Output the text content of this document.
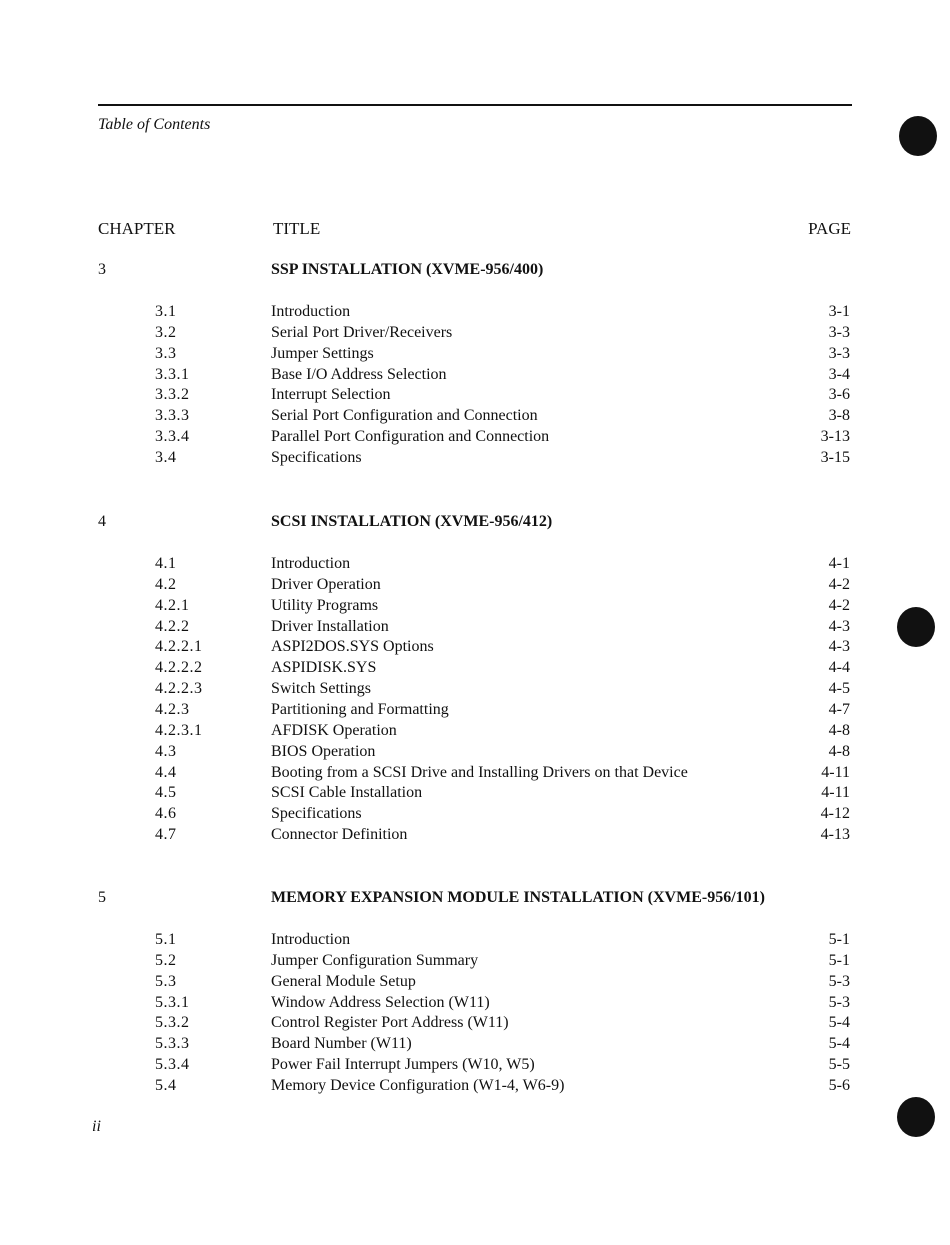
Table of Contents
CHAPTER	TITLE	PAGE
3	SSP INSTALLATION (XVME-956/400)
3.1	Introduction	3-1
3.2	Serial Port Driver/Receivers	3-3
3.3	Jumper Settings	3-3
3.3.1	Base I/O Address Selection	3-4
3.3.2	Interrupt Selection	3-6
3.3.3	Serial Port Configuration and Connection	3-8
3.3.4	Parallel Port Configuration and Connection	3-13
3.4	Specifications	3-15
4	SCSI INSTALLATION (XVME-956/412)
4.1	Introduction	4-1
4.2	Driver Operation	4-2
4.2.1	Utility Programs	4-2
4.2.2	Driver Installation	4-3
4.2.2.1	ASPI2DOS.SYS Options	4-3
4.2.2.2	ASPIDISK.SYS	4-4
4.2.2.3	Switch Settings	4-5
4.2.3	Partitioning and Formatting	4-7
4.2.3.1	AFDISK Operation	4-8
4.3	BIOS Operation	4-8
4.4	Booting from a SCSI Drive and Installing Drivers on that Device	4-11
4.5	SCSI Cable Installation	4-11
4.6	Specifications	4-12
4.7	Connector Definition	4-13
5	MEMORY EXPANSION MODULE INSTALLATION (XVME-956/101)
5.1	Introduction	5-1
5.2	Jumper Configuration Summary	5-1
5.3	General Module Setup	5-3
5.3.1	Window Address Selection (W11)	5-3
5.3.2	Control Register Port Address (W11)	5-4
5.3.3	Board Number (W11)	5-4
5.3.4	Power Fail Interrupt Jumpers (W10, W5)	5-5
5.4	Memory Device Configuration (W1-4, W6-9)	5-6
ii
